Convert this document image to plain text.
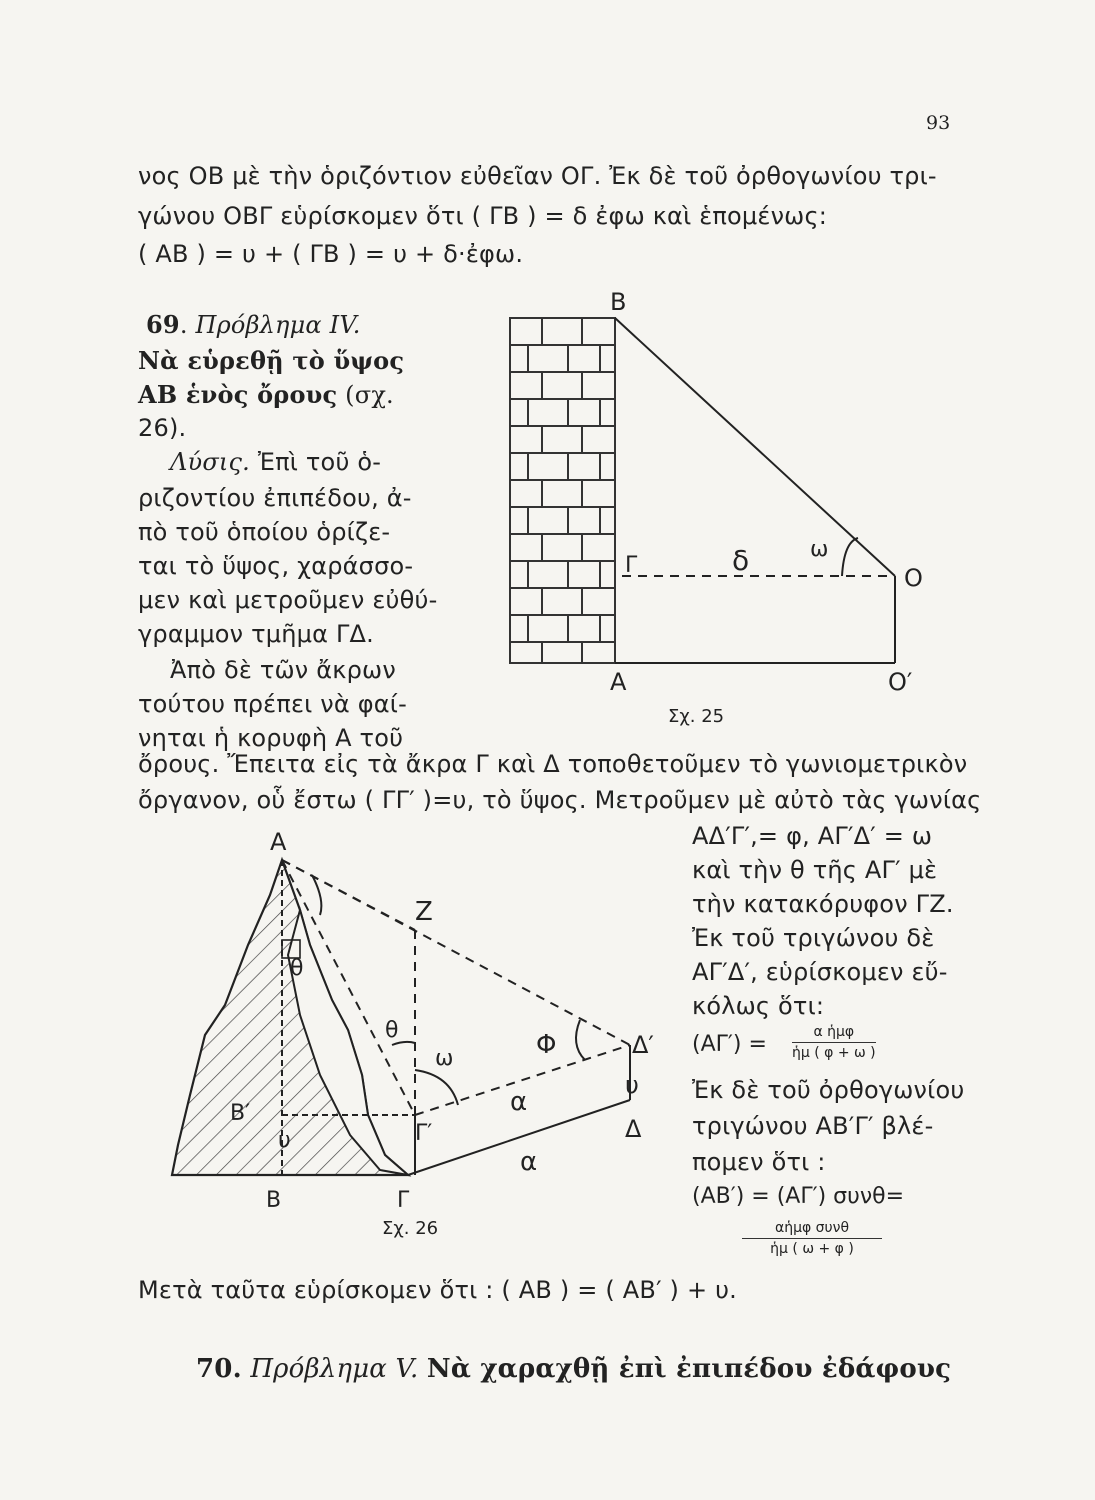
93
νος ΟΒ μὲ τὴν ὁριζόντιον εὐθεῖαν ΟΓ. Ἐκ δὲ τοῦ ὀρθογωνίου τρι-
γώνου ΟΒΓ εὑρίσκομεν ὅτι ( ΓΒ ) = δ ἐφω καὶ ἑπομένως:
( ΑΒ ) = υ + ( ΓΒ ) = υ + δ·ἐφω.
69. Πρόβλημα IV.
Νὰ εὑρεθῇ τὸ ὕψος
ΑΒ ἑνὸς ὄρους (σχ.
26).
Λύσις. Ἐπὶ τοῦ ὁ-
ριζοντίου ἐπιπέδου, ἀ-
πὸ τοῦ ὁποίου ὁρίζε-
ται τὸ ὕψος, χαράσσο-
μεν καὶ μετροῦμεν εὐθύ-
γραμμον τμῆμα ΓΔ.
Ἀπὸ δὲ τῶν ἄκρων
τούτου πρέπει νὰ φαί-
νηται ἡ κορυφὴ Α τοῦ
Β
Γ	δ	ω
Ο
Α	Ο′
Σχ. 25
ὄρους. Ἔπειτα εἰς τὰ ἄκρα Γ καὶ Δ τοποθετοῦμεν τὸ γωνιομετρικὸν
ὄργανον, οὗ ἔστω ( ΓΓ′ )=υ, τὸ ὕψος. Μετροῦμεν μὲ αὐτὸ τὰς γωνίας
Α
Z
θ
θ
ω	Φ	Δ′
υ
Δ
α
α
Β′
υ	Γ′
Β	Γ
Σχ. 26
ΑΔ′Γ′,= φ, ΑΓ′Δ′ = ω
καὶ τὴν θ τῆς ΑΓ′ μὲ
τὴν κατακόρυφον ΓΖ.
Ἐκ τοῦ τριγώνου δὲ
ΑΓ′Δ′, εὑρίσκομεν εὔ-
κόλως ὅτι:
(ΑΓ′) =	α ἡμφ
ἡμ ( φ + ω )
Ἐκ δὲ τοῦ ὀρθογωνίου
τριγώνου ΑΒ′Γ′ βλέ-
πομεν ὅτι :
(ΑΒ′) = (ΑΓ′) συνθ=
αἡμφ συνθ
ἡμ ( ω + φ )
Μετὰ ταῦτα εὑρίσκομεν ὅτι : ( ΑΒ ) = ( ΑΒ′ ) + υ.
70. Πρόβλημα V. Νὰ χαραχθῇ ἐπὶ ἐπιπέδου ἐδάφους
